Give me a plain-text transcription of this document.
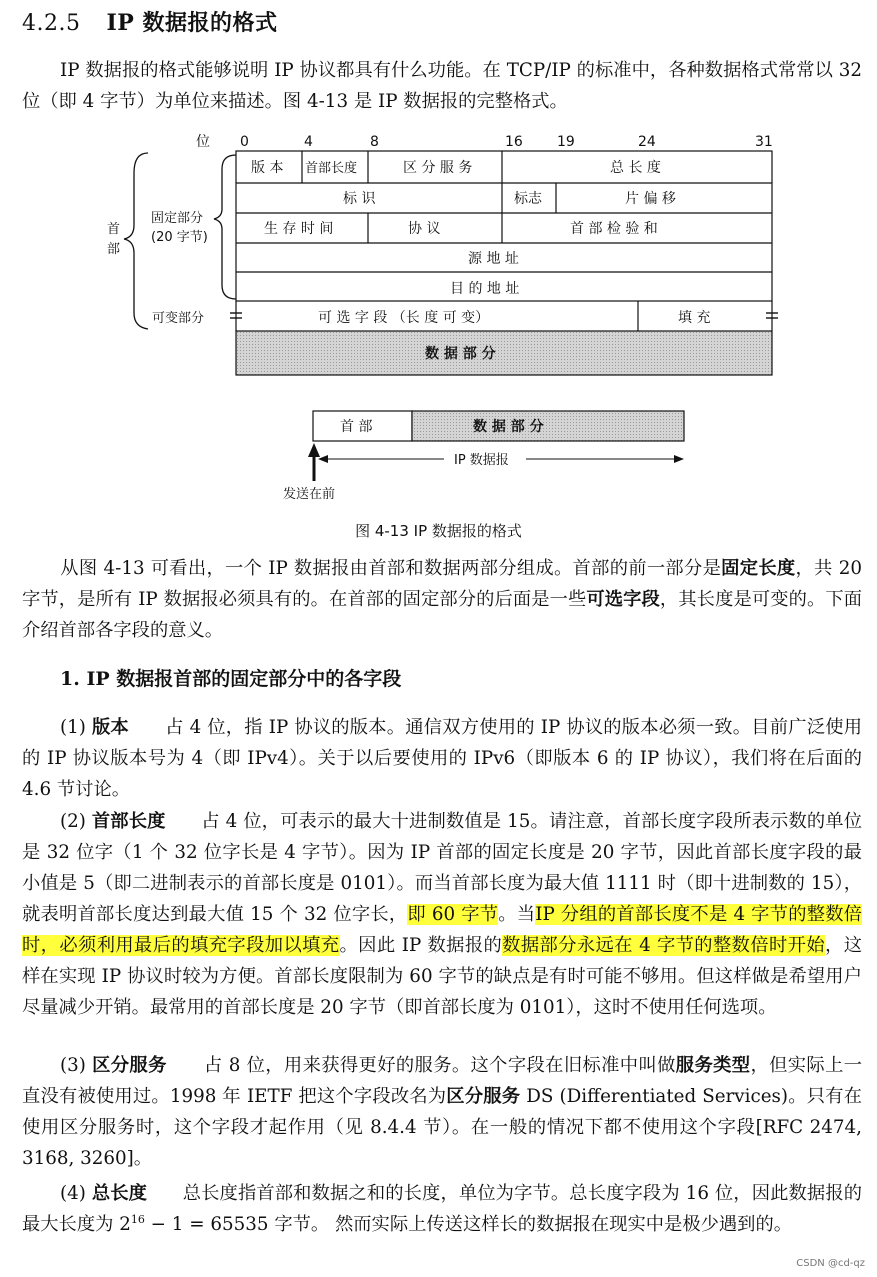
4.2.5 IP 数据报的格式
IP 数据报的格式能够说明 IP 协议都具有什么功能。在 TCP/IP 的标准中，各种数据格式常常以 32 位（即 4 字节）为单位来描述。图 4-13 是 IP 数据报的完整格式。
位 0	4	8	16 19	24	31
首
部
固定部分
(20 字节)
可变部分
版 本 首部长度	区 分 服 务	总 长 度
标 识	标志	片 偏 移
生 存 时 间	协 议	首 部 检 验 和
源 地 址
目 的 地 址
可 选 字 段 （长 度 可 变）	填 充
数 据 部 分
首 部	数 据 部 分
IP 数据报
发送在前
图 4-13 IP 数据报的格式
从图 4-13 可看出，一个 IP 数据报由首部和数据两部分组成。首部的前一部分是固定长度，共 20 字节，是所有 IP 数据报必须具有的。在首部的固定部分的后面是一些可选字段，其长度是可变的。下面介绍首部各字段的意义。
1. IP 数据报首部的固定部分中的各字段
(1) 版本 占 4 位，指 IP 协议的版本。通信双方使用的 IP 协议的版本必须一致。目前广泛使用的 IP 协议版本号为 4（即 IPv4）。关于以后要使用的 IPv6（即版本 6 的 IP 协议），我们将在后面的 4.6 节讨论。
(2) 首部长度 占 4 位，可表示的最大十进制数值是 15。请注意，首部长度字段所表示数的单位是 32 位字（1 个 32 位字长是 4 字节）。因为 IP 首部的固定长度是 20 字节，因此首部长度字段的最小值是 5（即二进制表示的首部长度是 0101）。而当首部长度为最大值 1111 时（即十进制数的 15），就表明首部长度达到最大值 15 个 32 位字长，即 60 字节。当IP 分组的首部长度不是 4 字节的整数倍时，必须利用最后的填充字段加以填充。因此 IP 数据报的数据部分永远在 4 字节的整数倍时开始，这样在实现 IP 协议时较为方便。首部长度限制为 60 字节的缺点是有时可能不够用。但这样做是希望用户尽量减少开销。最常用的首部长度是 20 字节（即首部长度为 0101），这时不使用任何选项。
(3) 区分服务 占 8 位，用来获得更好的服务。这个字段在旧标准中叫做服务类型，但实际上一直没有被使用过。1998 年 IETF 把这个字段改名为区分服务 DS (Differentiated Services)。只有在使用区分服务时，这个字段才起作用（见 8.4.4 节）。在一般的情况下都不使用这个字段[RFC 2474, 3168, 3260]。
(4) 总长度 总长度指首部和数据之和的长度，单位为字节。总长度字段为 16 位，因此数据报的最大长度为 $2^{16} - 1 = 65535$ 字节。 然而实际上传送这样长的数据报在现实中是极少遇到的。
CSDN @cd-qz
